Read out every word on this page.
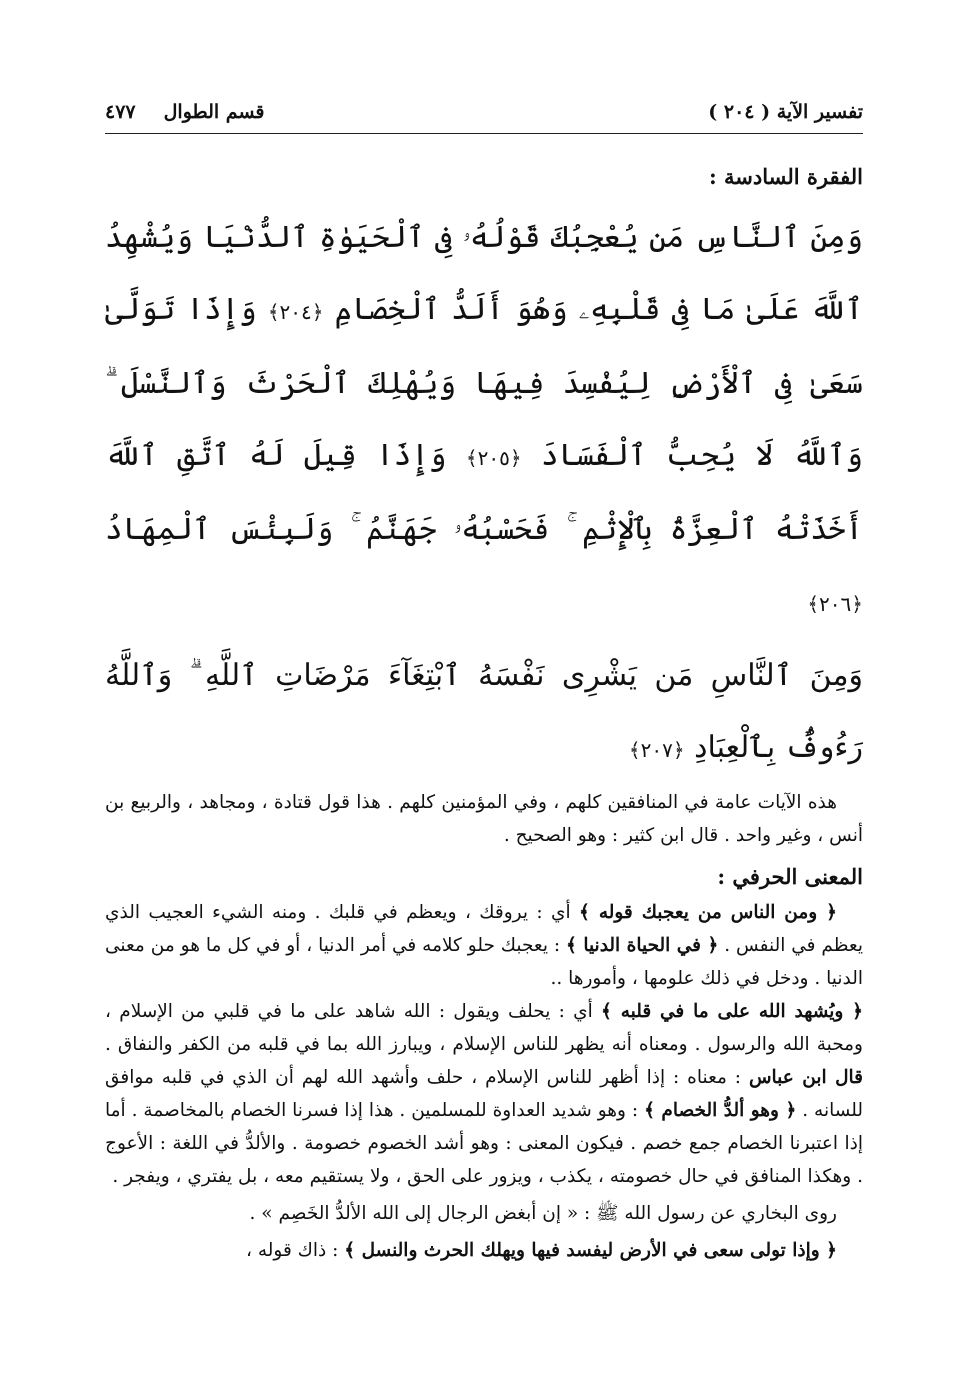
تفسير الآية ( ٢٠٤ )
قسم الطوال
٤٧٧
الفقرة السادسة :

وَمِنَ ٱلنَّاسِ مَن يُعْجِبُكَ قَوْلُهُۥ فِى ٱلْحَيَوٰةِ ٱلدُّنْيَا وَيُشْهِدُ ٱللَّهَ عَلَىٰ مَا فِى قَلْبِهِۦ وَهُوَ أَلَدُّ ٱلْخِصَامِ ﴿٢٠٤﴾ وَإِذَا تَوَلَّىٰ سَعَىٰ فِى ٱلْأَرْضِ لِيُفْسِدَ فِيهَا وَيُهْلِكَ ٱلْحَرْثَ وَٱلنَّسْلَ ۗ وَٱللَّهُ لَا يُحِبُّ ٱلْفَسَادَ ﴿٢٠٥﴾ وَإِذَا قِيلَ لَهُ ٱتَّقِ ٱللَّهَ أَخَذَتْهُ ٱلْعِزَّةُ بِٱلْإِثْمِ ۚ فَحَسْبُهُۥ جَهَنَّمُ ۚ وَلَبِئْسَ ٱلْمِهَادُ ﴿٢٠٦﴾

وَمِنَ ٱلنَّاسِ مَن يَشْرِى نَفْسَهُ ٱبْتِغَآءَ مَرْضَاتِ ٱللَّهِ ۗ وَٱللَّهُ رَءُوفٌۢ بِٱلْعِبَادِ ﴿٢٠٧﴾

هذه الآيات عامة في المنافقين كلهم ، وفي المؤمنين كلهم . هذا قول قتادة ، ومجاهد ، والربيع بن أنس ، وغير واحد . قال ابن كثير : وهو الصحيح .

المعنى الحرفي :

﴿ ومن الناس من يعجبك قوله ﴾ أي : يروقك ، ويعظم في قلبك . ومنه الشيء العجيب الذي يعظم في النفس . ﴿ في الحياة الدنيا ﴾ : يعجبك حلو كلامه في أمر الدنيا ، أو في كل ما هو من معنى الدنيا . ودخل في ذلك علومها ، وأمورها ..

﴿ ويُشهد الله على ما في قلبه ﴾ أي : يحلف ويقول : الله شاهد على ما في قلبي من الإسلام ، ومحبة الله والرسول . ومعناه أنه يظهر للناس الإسلام ، ويبارز الله بما في قلبه من الكفر والنفاق . قال ابن عباس : معناه : إذا أظهر للناس الإسلام ، حلف وأشهد الله لهم أن الذي في قلبه موافق للسانه . ﴿ وهو ألدُّ الخصام ﴾ : وهو شديد العداوة للمسلمين . هذا إذا فسرنا الخصام بالمخاصمة . أما إذا اعتبرنا الخصام جمع خصم . فيكون المعنى : وهو أشد الخصوم خصومة . والألدُّ في اللغة : الأعوج . وهكذا المنافق في حال خصومته ، يكذب ، ويزور على الحق ، ولا يستقيم معه ، بل يفتري ، ويفجر .

روى البخاري عن رسول الله ﷺ : « إن أبغض الرجال إلى الله الألدُّ الخَصِم » .

﴿ وإذا تولى سعى في الأرض ليفسد فيها ويهلك الحرث والنسل ﴾ : ذاك قوله ،
